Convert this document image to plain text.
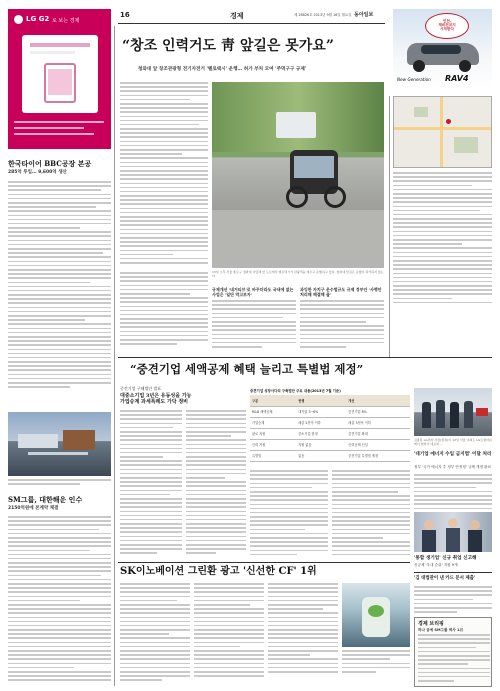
16	경제	제 26826호 2013년 9월 16일 월요일 동아일보
LG G2 로 보는 경제
한국타이어 BBC공장 본공
285억 투입… 9,600억 생산
SM그룹, 대한해운 인수
2150억원에 본계약 체결
“창조 인력거도 靑 앞길은 못가요”
청와대 앞 창조관광형 전기자전거 '벨로택시' 운행… 허가 부처 모여 '주먹구구 규제'
13일 오후 서울 종로구 청와대 사랑채 앞 도로에서 벨로택시가 관광객을 태우고 운행하고 있다. 청와대 앞길은 운행이 허가되지 않는다.
규제개선 '네거티브'로 바꾸더라도 국내에 없는 사업은 '일단 막고보자'
과잉한 자치구 운수법규도 규제 정부안 '사행안 처리해 해결해 줄'
인천,
재비전치지
시작한다
New Generation RAV4
“중견기업 세액공제 혜택 늘리고 특별법 제정”
중견기업 구해법안 발표
대중소기업 3년은 유동성을 가능
가업승계 과세특례도 가닥 정비
중견기업 성장사다리 구축법안 주요 내용(2013년 7월 기준)
구분	현행	개선
R&D 세액공제	대기업 3~6%	중견기업 8%
가업승계	매출 2천억 이하	매출 3천억 이하
판로 지원	중소기업 한정	중견기업 확대
인력 지원	지원 없음	인력공제 신설
특별법	없음	중견기업 특별법 제정
김종훈 LG전자 사장(왼쪽)이 12일 서울 여의도 LG트윈타워에서 협력사 대표와 …
'대기업 에너지 수입 금지법' 이달 처리
정부 '국가 에너지 추 정부 안정정' 규제 개정 완료
'통합 생기업' 신규 취업 신고해
신규제 '우대 순위' 지원 9개
SK이노베이션 그린환 광고 '신선한 CF' 1위
'김 대법관이 낸 카드 문서 제출'
경제 브리핑
하나 공예 SM그룹 역사 1위
